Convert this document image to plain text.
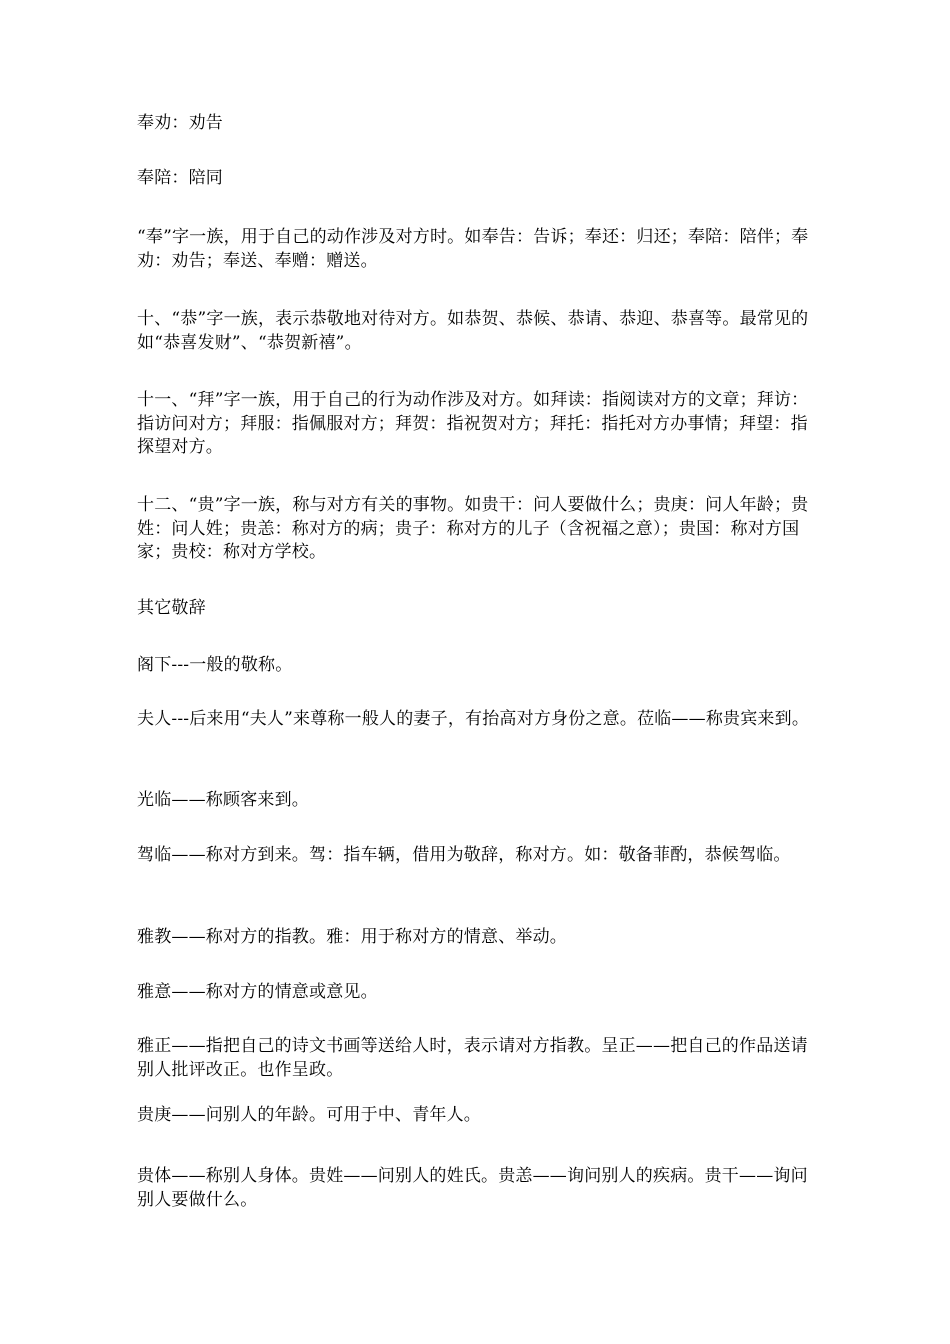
奉劝：劝告

奉陪：陪同

“奉”字一族，用于自己的动作涉及对方时。如奉告：告诉；奉还：归还；奉陪：陪伴；奉劝：劝告；奉送、奉赠：赠送。

十、“恭”字一族，表示恭敬地对待对方。如恭贺、恭候、恭请、恭迎、恭喜等。最常见的如“恭喜发财”、“恭贺新禧”。

十一、“拜”字一族，用于自己的行为动作涉及对方。如拜读：指阅读对方的文章；拜访：指访问对方；拜服：指佩服对方；拜贺：指祝贺对方；拜托：指托对方办事情；拜望：指探望对方。

十二、“贵”字一族，称与对方有关的事物。如贵干：问人要做什么；贵庚：问人年龄；贵姓：问人姓；贵恙：称对方的病；贵子：称对方的儿子（含祝福之意）；贵国：称对方国家；贵校：称对方学校。

其它敬辞

阁下---一般的敬称。

夫人---后来用“夫人”来尊称一般人的妻子，有抬高对方身份之意。莅临——称贵宾来到。

光临——称顾客来到。

驾临——称对方到来。驾：指车辆，借用为敬辞，称对方。如：敬备菲酌，恭候驾临。

雅教——称对方的指教。雅：用于称对方的情意、举动。

雅意——称对方的情意或意见。

雅正——指把自己的诗文书画等送给人时，表示请对方指教。呈正——把自己的作品送请别人批评改正。也作呈政。

贵庚——问别人的年龄。可用于中、青年人。

贵体——称别人身体。贵姓——问别人的姓氏。贵恙——询问别人的疾病。贵干——询问别人要做什么。
